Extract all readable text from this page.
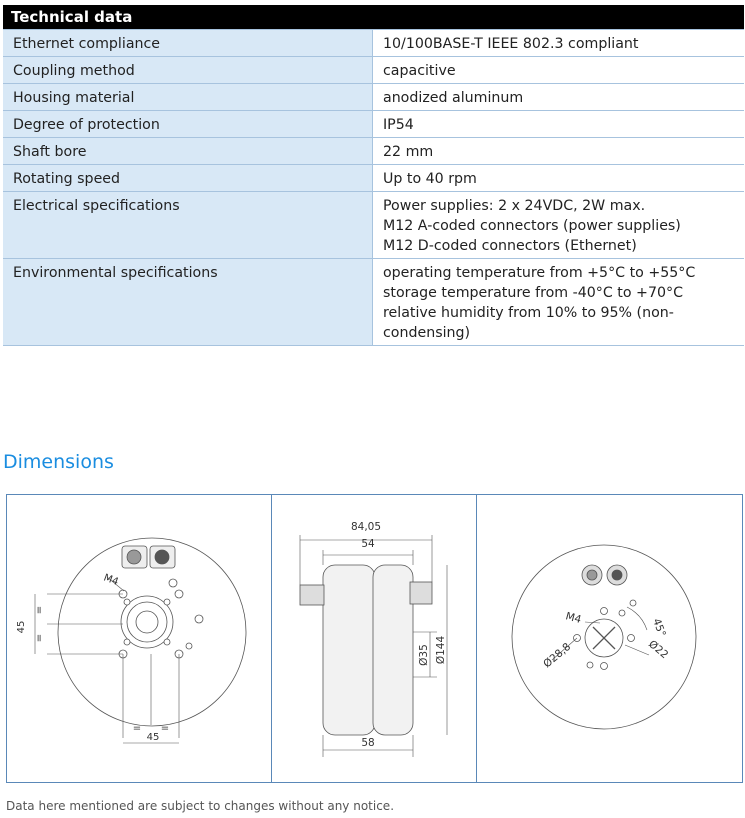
Technical data	
Ethernet compliance	10/100BASE-T IEEE 802.3 compliant

Coupling method	capacitive

Housing material	anodized aluminum

Degree of protection	IP54

Shaft bore	22 mm

Rotating speed	Up to 40 rpm

Electrical specifications	Power supplies: 2 x 24VDC, 2W max.
M12 A-coded connectors (power supplies)
M12 D-coded connectors (Ethernet)

Environmental specifications	operating temperature from +5°C to +55°C
storage temperature from -40°C to +70°C
relative humidity from 10% to 95% (non-
condensing)
Dimensions
M4
45
=
=
45
= =
84,05
54
58
Ø35 Ø144
M4	45°
Ø28,8	Ø22

Data here mentioned are subject to changes without any notice.
